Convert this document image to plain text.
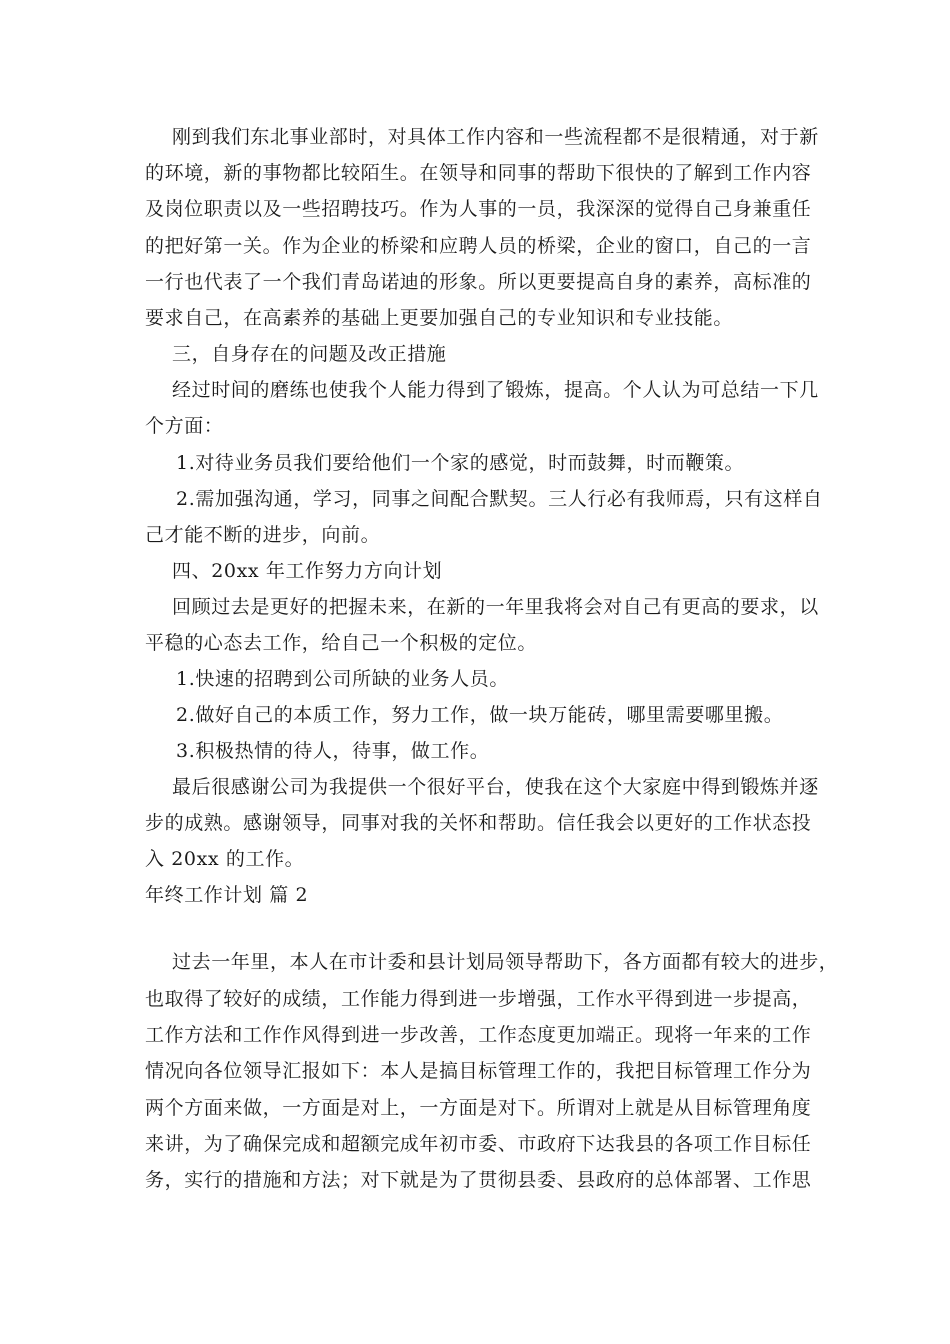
刚到我们东北事业部时，对具体工作内容和一些流程都不是很精通，对于新
的环境，新的事物都比较陌生。在领导和同事的帮助下很快的了解到工作内容
及岗位职责以及一些招聘技巧。作为人事的一员，我深深的觉得自己身兼重任
的把好第一关。作为企业的桥梁和应聘人员的桥梁，企业的窗口，自己的一言
一行也代表了一个我们青岛诺迪的形象。所以更要提高自身的素养，高标准的
要求自己，在高素养的基础上更要加强自己的专业知识和专业技能。
三，自身存在的问题及改正措施
经过时间的磨练也使我个人能力得到了锻炼，提高。个人认为可总结一下几
个方面：
1.对待业务员我们要给他们一个家的感觉，时而鼓舞，时而鞭策。
2.需加强沟通，学习，同事之间配合默契。三人行必有我师焉，只有这样自
己才能不断的进步，向前。
四、20xx 年工作努力方向计划
回顾过去是更好的把握未来，在新的一年里我将会对自己有更高的要求，以
平稳的心态去工作，给自己一个积极的定位。
1.快速的招聘到公司所缺的业务人员。
2.做好自己的本质工作，努力工作，做一块万能砖，哪里需要哪里搬。
3.积极热情的待人，待事，做工作。
最后很感谢公司为我提供一个很好平台，使我在这个大家庭中得到锻炼并逐
步的成熟。感谢领导，同事对我的关怀和帮助。信任我会以更好的工作状态投
入 20xx 的工作。
年终工作计划 篇 2
过去一年里，本人在市计委和县计划局领导帮助下，各方面都有较大的进步，
也取得了较好的成绩，工作能力得到进一步增强，工作水平得到进一步提高，
工作方法和工作作风得到进一步改善，工作态度更加端正。现将一年来的工作
情况向各位领导汇报如下：本人是搞目标管理工作的，我把目标管理工作分为
两个方面来做，一方面是对上，一方面是对下。所谓对上就是从目标管理角度
来讲，为了确保完成和超额完成年初市委、市政府下达我县的各项工作目标任
务，实行的措施和方法；对下就是为了贯彻县委、县政府的总体部署、工作思
